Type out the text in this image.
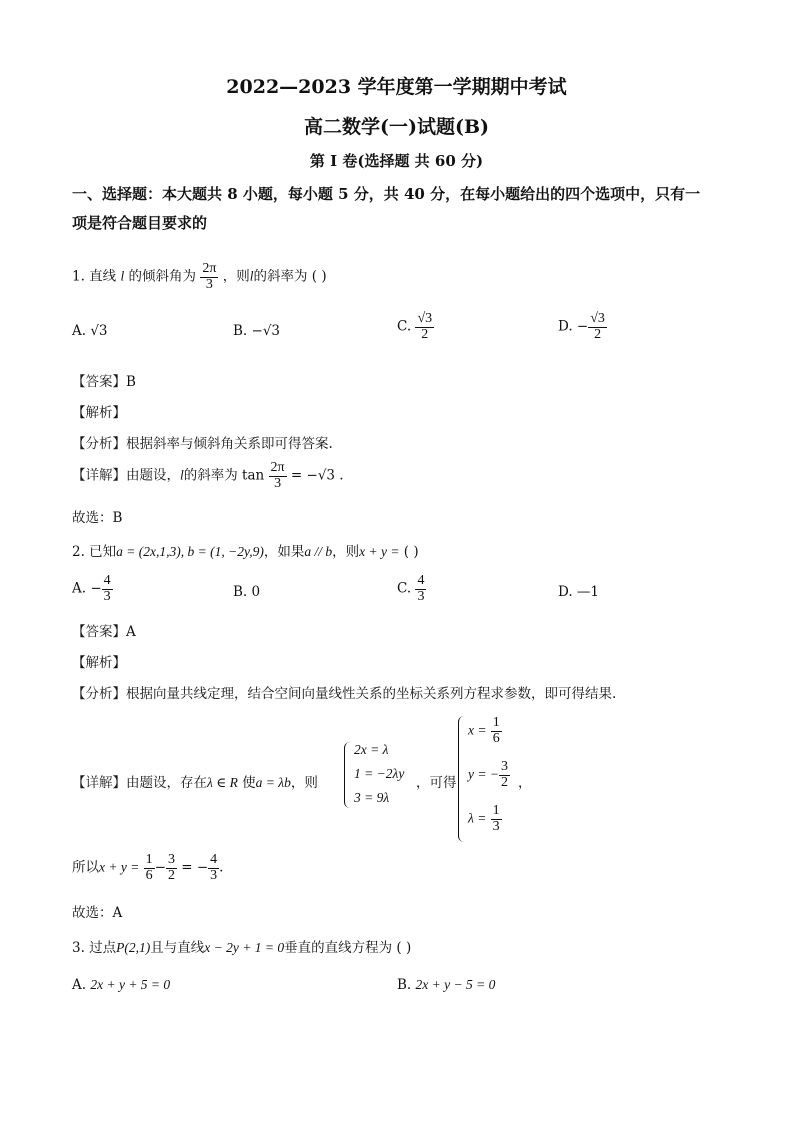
2022—2023 学年度第一学期期中考试
高二数学(一)试题(B)
第 I 卷(选择题 共 60 分)
一、选择题：本大题共 8 小题，每小题 5 分，共 40 分，在每小题给出的四个选项中，只有一
项是符合题目要求的
1. 直线 l 的倾斜角为 $\frac{2\pi}{3}$ ，则l的斜率为 ( )
A. √3	B. −√3	C. $\frac{√3}{2}$	D. − $\frac{√3}{2}$
【答案】B
【解析】
【分析】根据斜率与倾斜角关系即可得答案.
【详解】由题设，l的斜率为 $\tan \frac{2\pi}{3} = -√3$ .
故选：B
2. 已知a = (2x,1,3), b = (1, −2y,9)，如果a // b，则x + y = ( )
A. − $\frac{4}{3}$	B. 0	C. $\frac{4}{3}$	D. —1
【答案】A
【解析】
【分析】根据向量共线定理，结合空间向量线性关系的坐标关系列方程求参数，即可得结果.
【详解】由题设，存在λ ∈ R 使a = λb，则
2x = λ
1 = −2λy
3 = 9λ
，可得
$x = \frac{1}{6}$
y = − $\frac{3}{2}$
$\lambda = \frac{1}{3}$
，
所以$x + y = \frac{1}{6} - \frac{3}{2}$ = − $\frac{4}{3}$ .
故选：A
3. 过点P(2,1)且与直线x − 2y + 1 = 0垂直的直线方程为 ( )
A. 2x + y + 5 = 0	B. 2x + y − 5 = 0
